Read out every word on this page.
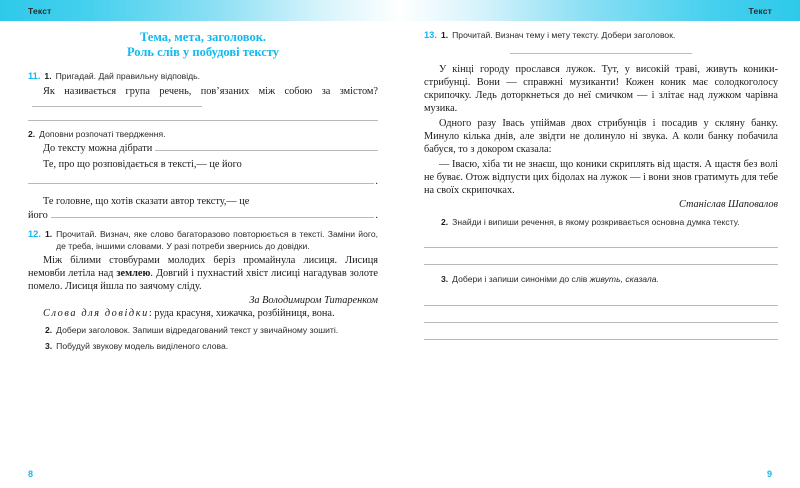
Текст
Тема, мета, заголовок.
Роль слів у побудові тексту
11. 1. Пригадай. Дай правильну відповідь.
Як називається група речень, пов’язаних між собою за змістом?
2. Доповни розпочаті твердження.
До тексту можна дібрати
Те, про що розповідається в тексті,— це його
.
Те головне, що хотів сказати автор тексту,— це
його	.
12. 1. Прочитай. Визнач, яке слово багаторазово повторюється в тексті. Заміни його, де треба, іншими словами. У разі потреби звернись до довідки.
Між білими стовбурами молодих беріз промайнула лисиця. Лисиця немовби летіла над землею. Довгий і пухнастий хвіст лисиці нагадував золоте помело. Лисиця йшла по заячому сліду.
За Володимиром Титаренком
Слова для довідки: руда красуня, хижачка, розбійниця, вона.
2. Добери заголовок. Запиши відредагований текст у звичайному зошиті.
3. Побудуй звукову модель виділеного слова.
8
Текст
13. 1. Прочитай. Визнач тему і мету тексту. Добери заголовок.
У кінці городу прослався лужок. Тут, у високій траві, живуть коники-стрибунці. Вони — справжні музиканти! Кожен коник має солодкоголосу скрипочку. Ледь доторкнеться до неї смичком — і злітає над лужком чарівна музика.
Одного разу Івась упіймав двох стрибунців і посадив у скляну банку. Минуло кілька днів, але звідти не долинуло ні звука. А коли банку побачила бабуся, то з докором сказала:
— Івасю, хіба ти не знаєш, що коники скриплять від щастя. А щастя без волі не буває. Отож відпусти цих бідолах на лужок — і вони знов гратимуть для тебе на своїх скрипочках.
Станіслав Шаповалов
2. Знайди і випиши речення, в якому розкривається основна думка тексту.
3. Добери і запиши синоніми до слів живуть, сказала.
9
